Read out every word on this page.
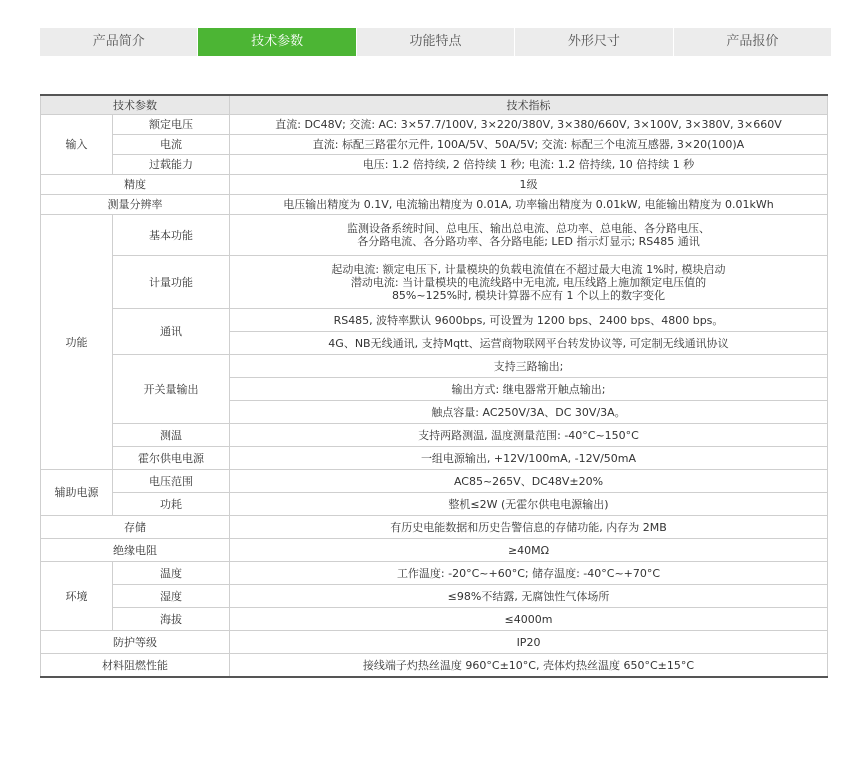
产品简介	技术参数	功能特点	外形尺寸	产品报价
技术参数		技术指标
输入	额定电压	直流: DC48V; 交流: AC: 3×57.7/100V, 3×220/380V, 3×380/660V, 3×100V, 3×380V, 3×660V
	电流	直流: 标配三路霍尔元件, 100A/5V、50A/5V; 交流: 标配三个电流互感器, 3×20(100)A
	过载能力	电压: 1.2 倍持续, 2 倍持续 1 秒; 电流: 1.2 倍持续, 10 倍持续 1 秒
精度		1级
测量分辨率		电压输出精度为 0.1V, 电流输出精度为 0.01A, 功率输出精度为 0.01kW, 电能输出精度为 0.01kWh
功能	基本功能	监测设备系统时间、总电压、输出总电流、总功率、总电能、各分路电压、
各分路电流、各分路功率、各分路电能; LED 指示灯显示; RS485 通讯

	计量功能	起动电流: 额定电压下, 计量模块的负载电流值在不超过最大电流 1%时, 模块启动
潜动电流: 当计量模块的电流线路中无电流, 电压线路上施加额定电压值的
85%~125%时, 模块计算器不应有 1 个以上的数字变化

	通讯	RS485, 波特率默认 9600bps, 可设置为 1200 bps、2400 bps、4800 bps。
		4G、NB无线通讯, 支持Mqtt、运营商物联网平台转发协议等, 可定制无线通讯协议
	开关量输出	支持三路输出;
		输出方式: 继电器常开触点输出;
		触点容量: AC250V/3A、DC 30V/3A。
	测温	支持两路测温, 温度测量范围: -40°C~150°C
	霍尔供电电源	一组电源输出, +12V/100mA, -12V/50mA
辅助电源	电压范围	AC85~265V、DC48V±20%
	功耗	整机≤2W (无霍尔供电电源输出)
存储		有历史电能数据和历史告警信息的存储功能, 内存为 2MB
绝缘电阻		≥40MΩ
环境	温度	工作温度: -20°C~+60°C; 储存温度: -40°C~+70°C
	湿度	≤98%不结露, 无腐蚀性气体场所
	海拔	≤4000m
防护等级		IP20
材料阻燃性能		接线端子灼热丝温度 960°C±10°C, 壳体灼热丝温度 650°C±15°C
